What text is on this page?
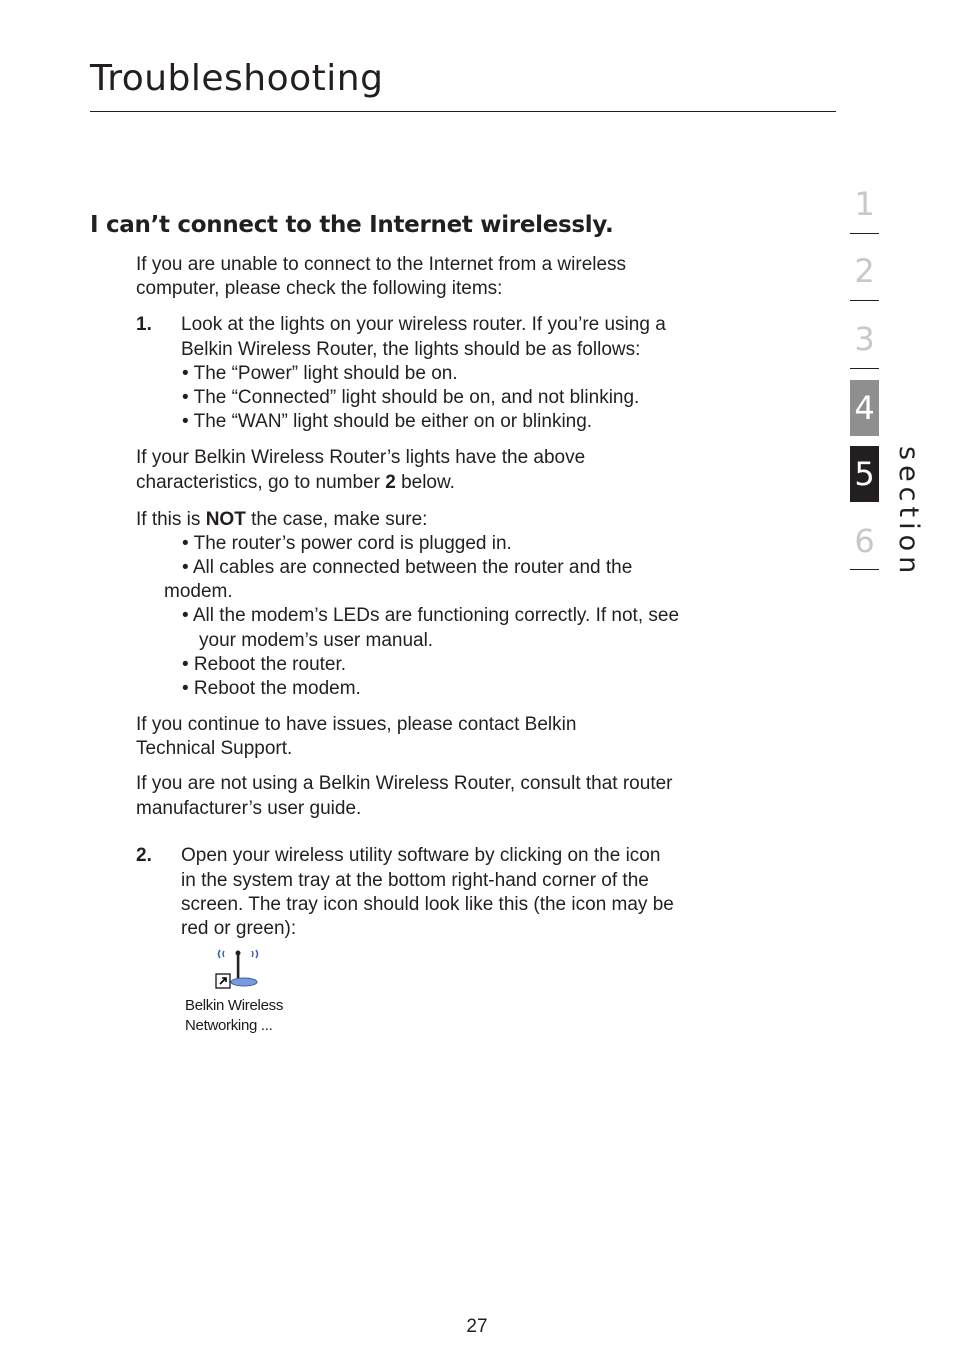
Troubleshooting
I can’t connect to the Internet wirelessly.

If you are unable to connect to the Internet from a wireless

computer, please check the following items:

1. Look at the lights on your wireless router. If you’re using a

Belkin Wireless Router, the lights should be as follows:

• The “Power” light should be on.

• The “Connected” light should be on, and not blinking.

• The “WAN” light should be either on or blinking.

If your Belkin Wireless Router’s lights have the above

characteristics, go to number 2 below.

If this is NOT the case, make sure:

• The router’s power cord is plugged in.

• All cables are connected between the router and the

modem.

• All the modem’s LEDs are functioning correctly. If not, see

your modem’s user manual.

• Reboot the router.

• Reboot the modem.

If you continue to have issues, please contact Belkin

Technical Support.

If you are not using a Belkin Wireless Router, consult that router

manufacturer’s user guide.

2. Open your wireless utility software by clicking on the icon

in the system tray at the bottom right-hand corner of the

screen. The tray icon should look like this (the icon may be

red or green):

Belkin Wireless
Networking ...
1
2
3
4
5
6 section
27
